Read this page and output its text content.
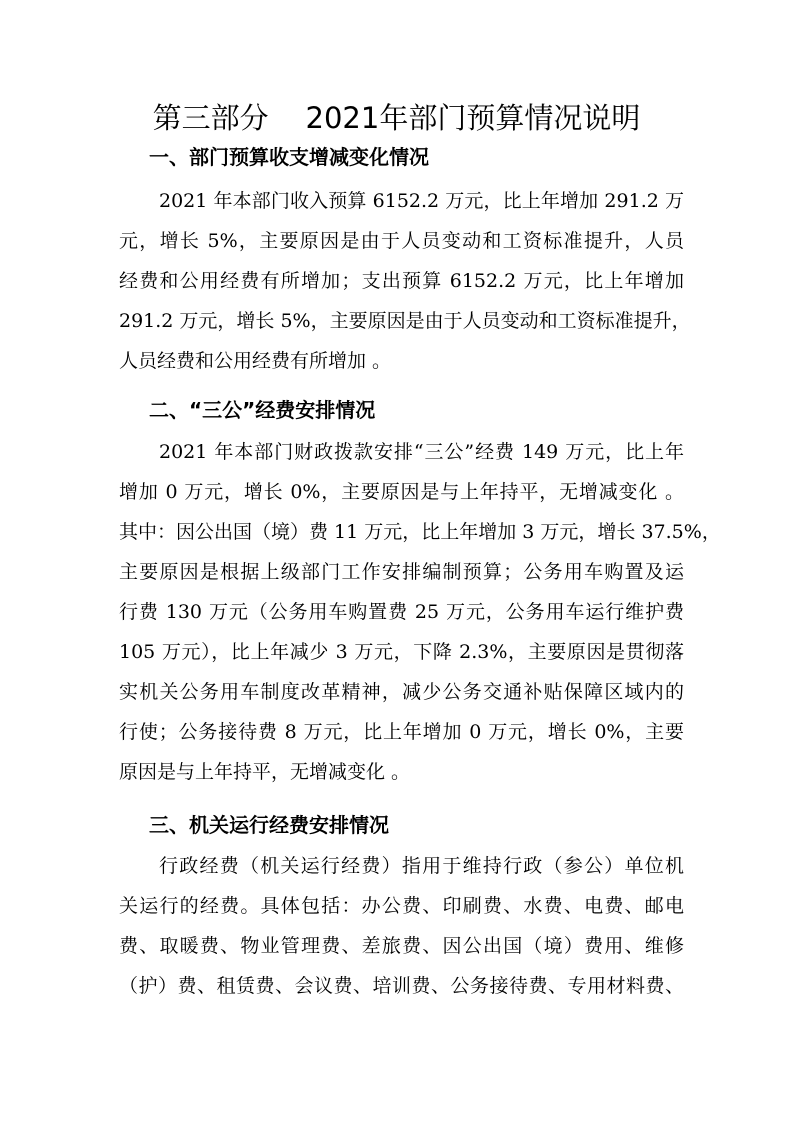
第三部分    2021年部门预算情况说明
一、部门预算收支增减变化情况
2021 年本部门收入预算 6152.2 万元，比上年增加 291.2 万
元，增长 5%，主要原因是由于人员变动和工资标准提升，人员
经费和公用经费有所增加；支出预算 6152.2 万元，比上年增加
291.2 万元，增长 5%，主要原因是由于人员变动和工资标准提升，
人员经费和公用经费有所增加 。
二、“三公”经费安排情况
2021 年本部门财政拨款安排“三公”经费 149 万元，比上年
增加 0 万元，增长 0%，主要原因是与上年持平，无增减变化 。
其中：因公出国（境）费 11 万元，比上年增加 3 万元，增长 37.5%，
主要原因是根据上级部门工作安排编制预算；公务用车购置及运
行费 130 万元（公务用车购置费 25 万元，公务用车运行维护费
105 万元），比上年减少 3 万元，下降 2.3%，主要原因是贯彻落
实机关公务用车制度改革精神，减少公务交通补贴保障区域内的
行使；公务接待费 8 万元，比上年增加 0 万元，增长 0%，主要
原因是与上年持平，无增减变化 。
三、机关运行经费安排情况
行政经费（机关运行经费）指用于维持行政（参公）单位机
关运行的经费。具体包括：办公费、印刷费、水费、电费、邮电
费、取暖费、物业管理费、差旅费、因公出国（境）费用、维修
（护）费、租赁费、会议费、培训费、公务接待费、专用材料费、
